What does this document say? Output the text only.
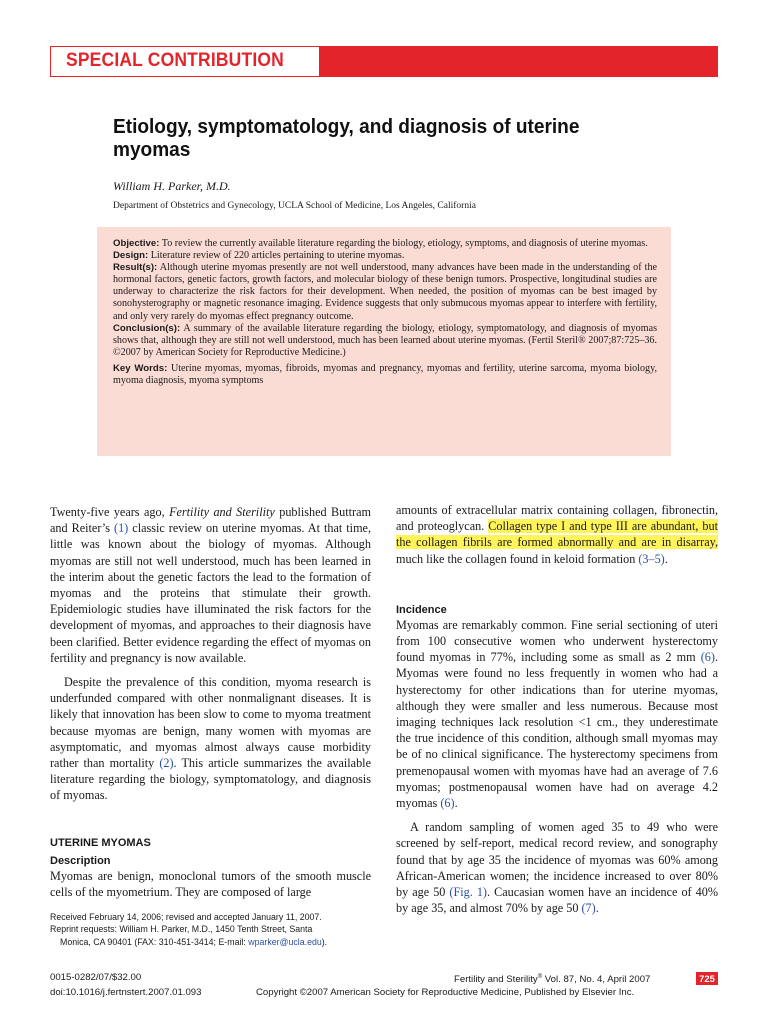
SPECIAL CONTRIBUTION
Etiology, symptomatology, and diagnosis of uterine myomas
William H. Parker, M.D.
Department of Obstetrics and Gynecology, UCLA School of Medicine, Los Angeles, California

Objective: To review the currently available literature regarding the biology, etiology, symptoms, and diagnosis of uterine myomas.

Design: Literature review of 220 articles pertaining to uterine myomas.

Result(s): Although uterine myomas presently are not well understood, many advances have been made in the understanding of the hormonal factors, genetic factors, growth factors, and molecular biology of these benign tumors. Prospective, longitudinal studies are underway to characterize the risk factors for their development. When needed, the position of myomas can be best imaged by sonohysterography or magnetic resonance imaging. Evidence suggests that only submucous myomas appear to interfere with fertility, and only very rarely do myomas effect pregnancy outcome.

Conclusion(s): A summary of the available literature regarding the biology, etiology, symptomatology, and diagnosis of myomas shows that, although they are still not well understood, much has been learned about uterine myomas. (Fertil Steril® 2007;87:725–36. ©2007 by American Society for Reproductive Medicine.)

Key Words: Uterine myomas, myomas, fibroids, myomas and pregnancy, myomas and fertility, uterine sarcoma, myoma biology, myoma diagnosis, myoma symptoms

Twenty-five years ago, Fertility and Sterility published Buttram and Reiter’s (1) classic review on uterine myomas. At that time, little was known about the biology of myomas. Although myomas are still not well understood, much has been learned in the interim about the genetic factors the lead to the formation of myomas and the proteins that stimulate their growth. Epidemiologic studies have illuminated the risk factors for the development of myomas, and approaches to their diagnosis have been clarified. Better evidence regarding the effect of myomas on fertility and pregnancy is now available.

Despite the prevalence of this condition, myoma research is underfunded compared with other nonmalignant diseases. It is likely that innovation has been slow to come to myoma treatment because myomas are benign, many women with myomas are asymptomatic, and myomas almost always cause morbidity rather than mortality (2). This article summarizes the available literature regarding the biology, symptomatology, and diagnosis of myomas.

UTERINE MYOMAS
Description

Myomas are benign, monoclonal tumors of the smooth muscle cells of the myometrium. They are composed of large

Received February 14, 2006; revised and accepted January 11, 2007.
Reprint requests: William H. Parker, M.D., 1450 Tenth Street, Santa
Monica, CA 90401 (FAX: 310-451-3414; E-mail: wparker@ucla.edu).

amounts of extracellular matrix containing collagen, fibronectin, and proteoglycan. Collagen type I and type III are abundant, but the collagen fibrils are formed abnormally and are in disarray, much like the collagen found in keloid formation (3–5).

Incidence

Myomas are remarkably common. Fine serial sectioning of uteri from 100 consecutive women who underwent hysterectomy found myomas in 77%, including some as small as 2 mm (6). Myomas were found no less frequently in women who had a hysterectomy for other indications than for uterine myomas, although they were smaller and less numerous. Because most imaging techniques lack resolution <1 cm., they underestimate the true incidence of this condition, although small myomas may be of no clinical significance. The hysterectomy specimens from premenopausal women with myomas have had an average of 7.6 myomas; postmenopausal women have had on average 4.2 myomas (6).

A random sampling of women aged 35 to 49 who were screened by self-report, medical record review, and sonography found that by age 35 the incidence of myomas was 60% among African-American women; the incidence increased to over 80% by age 50 (Fig. 1). Caucasian women have an incidence of 40% by age 35, and almost 70% by age 50 (7).

0015-0282/07/$32.00
doi:10.1016/j.fertnstert.2007.01.093
Fertility and Sterility® Vol. 87, No. 4, April 2007
Copyright ©2007 American Society for Reproductive Medicine, Published by Elsevier Inc.
725
